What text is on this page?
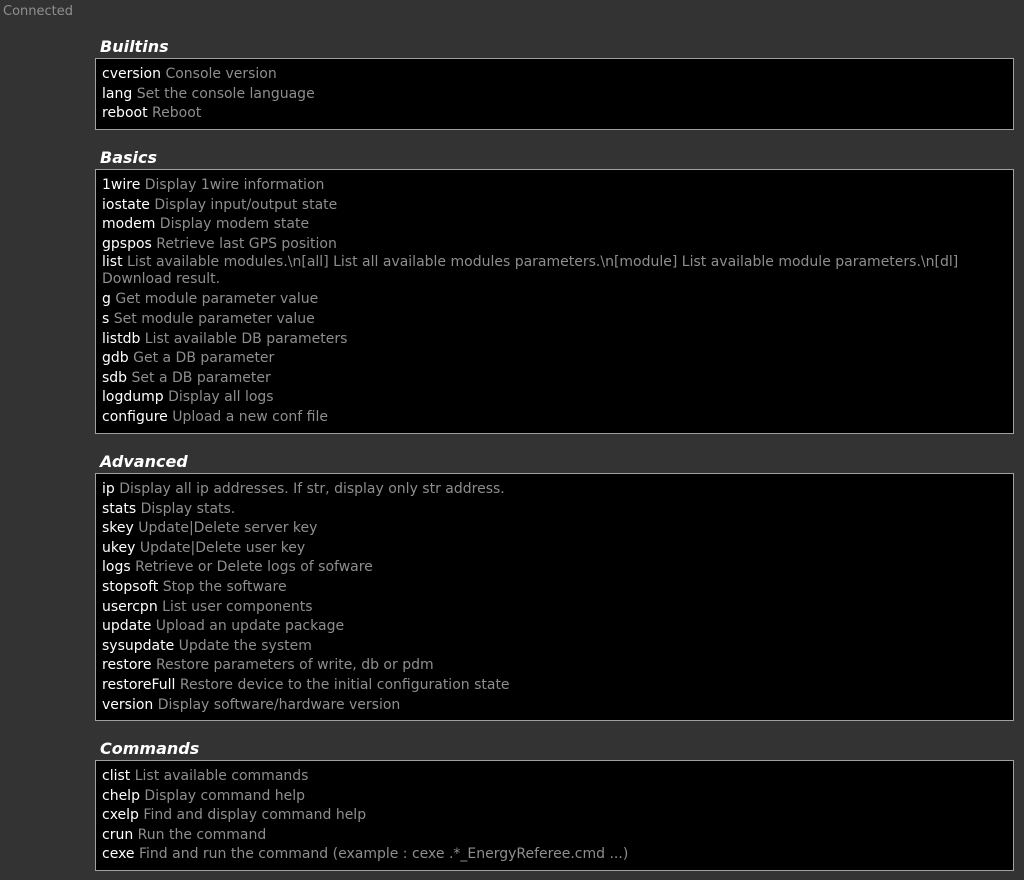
Connected
Builtins

cversion Console version

lang Set the console language

reboot Reboot

Basics

1wire Display 1wire information

iostate Display input/output state

modem Display modem state

gpspos Retrieve last GPS position

list List available modules.\n[all] List all available modules parameters.\n[module] List available module parameters.\n[dl] Download result.

g Get module parameter value

s Set module parameter value

listdb List available DB parameters

gdb Get a DB parameter

sdb Set a DB parameter

logdump Display all logs

configure Upload a new conf file

Advanced

ip Display all ip addresses. If str, display only str address.

stats Display stats.

skey Update|Delete server key

ukey Update|Delete user key

logs Retrieve or Delete logs of sofware

stopsoft Stop the software

usercpn List user components

update Upload an update package

sysupdate Update the system

restore Restore parameters of write, db or pdm

restoreFull Restore device to the initial configuration state

version Display software/hardware version

Commands

clist List available commands

chelp Display command help

cxelp Find and display command help

crun Run the command

cexe Find and run the command (example : cexe .*_EnergyReferee.cmd ...)
